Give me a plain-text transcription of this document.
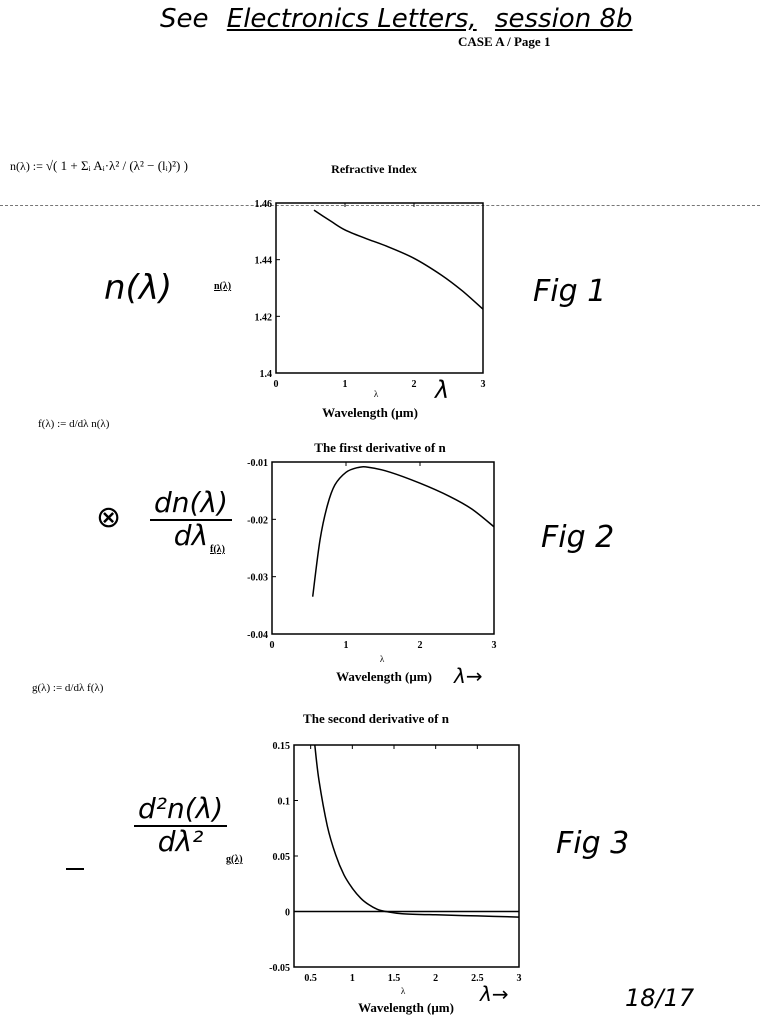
See Electronics Letters, session 8b
CASE A / Page 1
n(λ) := √( 1 + Σᵢ Aᵢ·λ² / (λ² − (lᵢ)²) )
f(λ) := d/dλ n(λ)
g(λ) := d/dλ f(λ)
n(λ)	Fig 1
$\frac{dn(\lambda)}{d\lambda}$
⊗
Fig 2
$\frac{\text{d²n(λ)}}{\text{dλ²}}$	Fig 3
λ
λ→
λ→	18/17
Refractive Index
0	1	2	3
1.4
1.42
1.44
1.46
n(λ)
λ
Wavelength (μm)
The first derivative of n
0	1	2	3
-0.04
-0.03
-0.02
-0.01
f(λ)
λ
Wavelength (μm)
The second derivative of n
0.5	1	1.5	2	2.5	3
-0.05
0
0.05
0.1
0.15
g(λ)
λ
Wavelength (μm)
